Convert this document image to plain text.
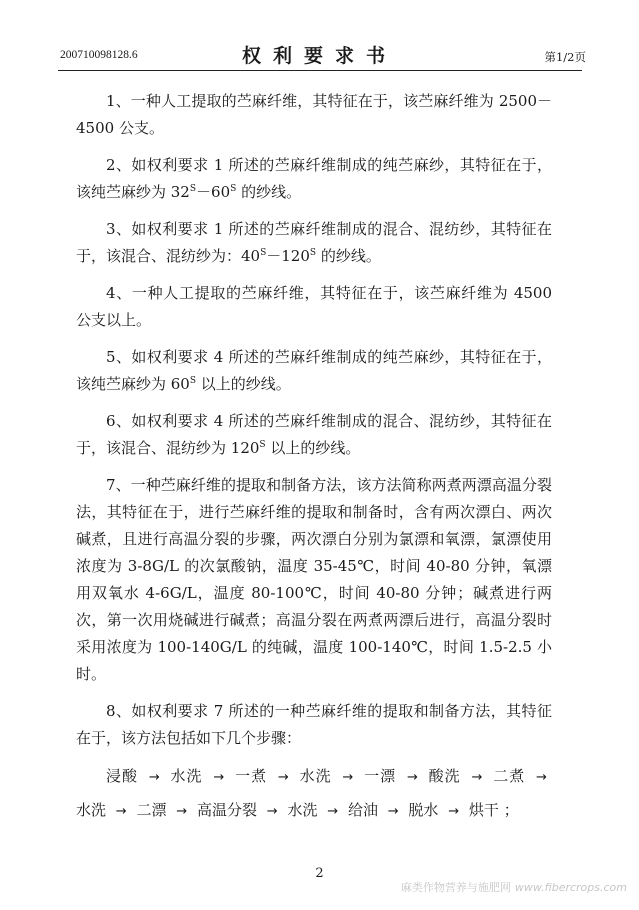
200710098128.6	权利要求书	第1/2页

1、一种人工提取的苎麻纤维，其特征在于，该苎麻纤维为 2500－4500 公支。

2、如权利要求 1 所述的苎麻纤维制成的纯苎麻纱，其特征在于，该纯苎麻纱为 $32^S-60^S$ 的纱线。

3、如权利要求 1 所述的苎麻纤维制成的混合、混纺纱，其特征在于，该混合、混纺纱为：$40^S-120^S$ 的纱线。

4、一种人工提取的苎麻纤维，其特征在于，该苎麻纤维为 4500 公支以上。

5、如权利要求 4 所述的苎麻纤维制成的纯苎麻纱，其特征在于，该纯苎麻纱为 $60^S$ 以上的纱线。

6、如权利要求 4 所述的苎麻纤维制成的混合、混纺纱，其特征在于，该混合、混纺纱为 $120^S$ 以上的纱线。

7、一种苎麻纤维的提取和制备方法，该方法简称两煮两漂高温分裂法，其特征在于，进行苎麻纤维的提取和制备时，含有两次漂白、两次碱煮，且进行高温分裂的步骤，两次漂白分别为氯漂和氧漂，氯漂使用浓度为 3-8G/L 的次氯酸钠，温度 35-45℃，时间 40-80 分钟，氧漂用双氧水 4-6G/L，温度 80-100℃，时间 40-80 分钟；碱煮进行两次，第一次用烧碱进行碱煮；高温分裂在两煮两漂后进行，高温分裂时采用浓度为 100-140G/L 的纯碱，温度 100-140℃，时间 1.5-2.5 小时。

8、如权利要求 7 所述的一种苎麻纤维的提取和制备方法，其特征在于，该方法包括如下几个步骤：

浸酸 → 水洗 → 一煮 → 水洗 → 一漂 → 酸洗 → 二煮 → 水洗 → 二漂 → 高温分裂 → 水洗 → 给油 → 脱水 → 烘干 ；

2
麻类作物营养与施肥网 www.fibercrops.com
